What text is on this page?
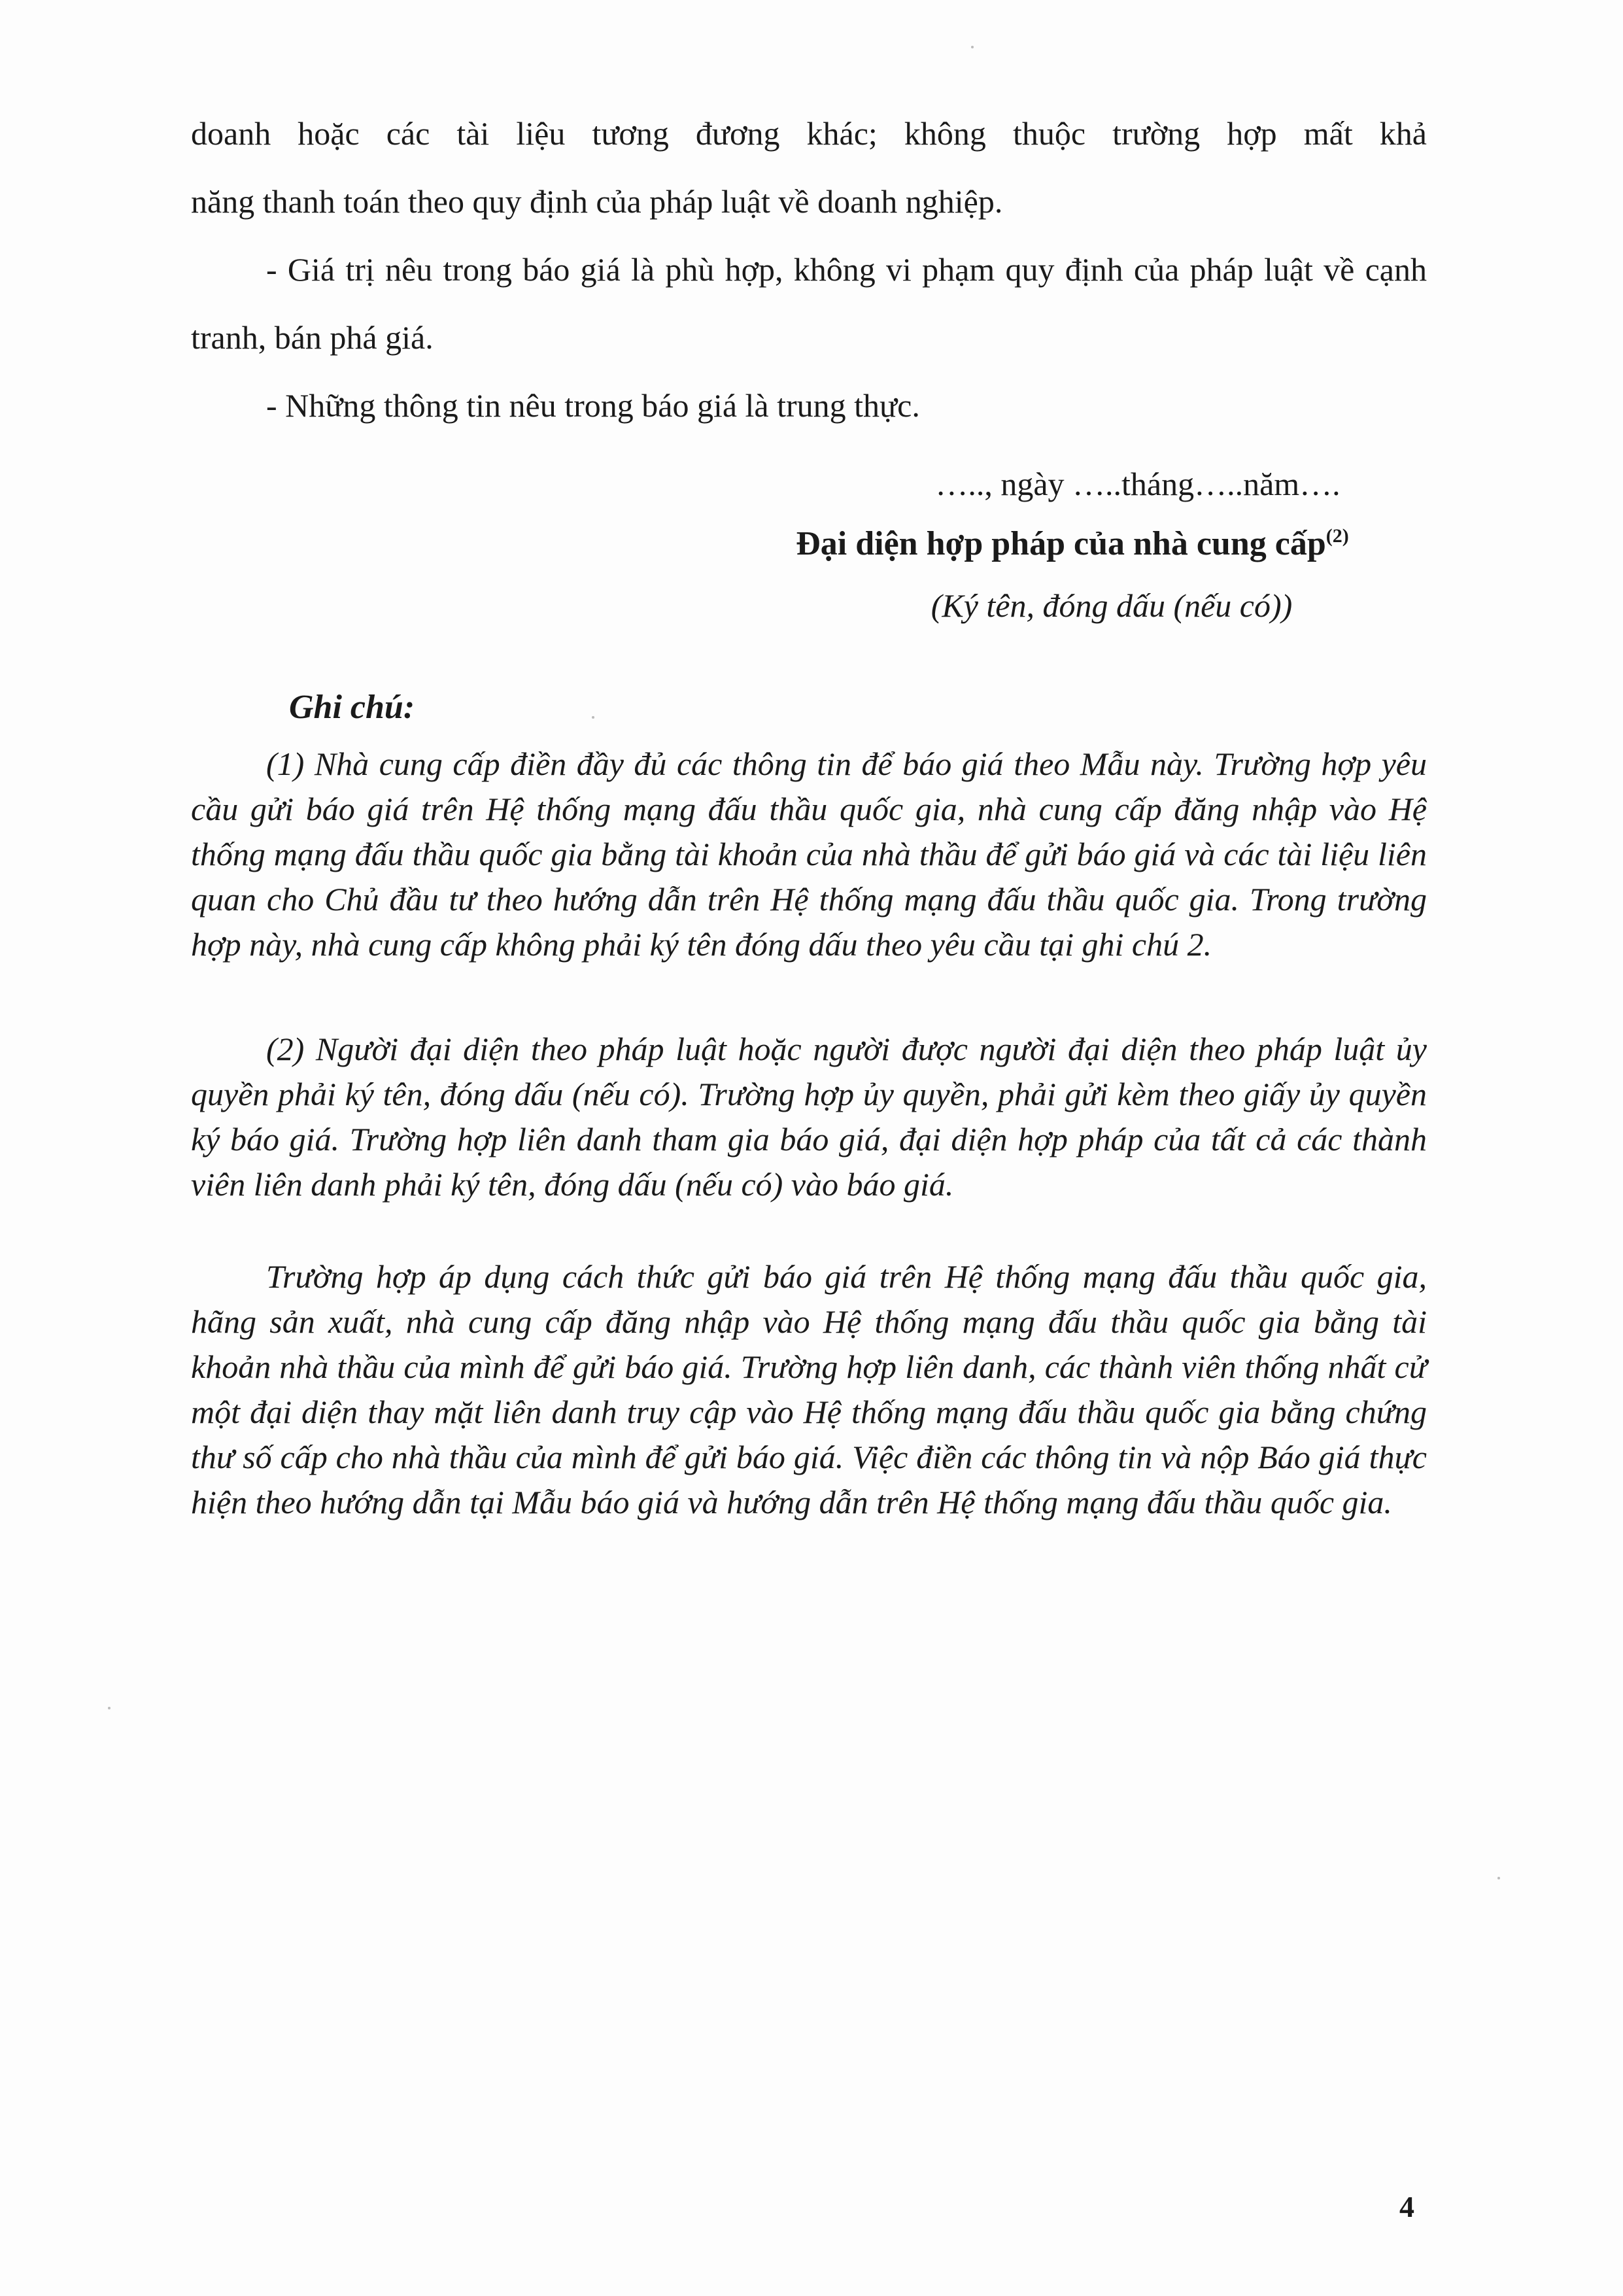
doanh hoặc các tài liệu tương đương khác; không thuộc trường hợp mất khả
năng thanh toán theo quy định của pháp luật về doanh nghiệp.
- Giá trị nêu trong báo giá là phù hợp, không vi phạm quy định của pháp luật về cạnh tranh, bán phá giá.
- Những thông tin nêu trong báo giá là trung thực.
….., ngày …..tháng…..năm….
Đại diện hợp pháp của nhà cung cấp$^{(2)}$
(Ký tên, đóng dấu (nếu có))
Ghi chú:
(1) Nhà cung cấp điền đầy đủ các thông tin để báo giá theo Mẫu này. Trường hợp yêu cầu gửi báo giá trên Hệ thống mạng đấu thầu quốc gia, nhà cung cấp đăng nhập vào Hệ thống mạng đấu thầu quốc gia bằng tài khoản của nhà thầu để gửi báo giá và các tài liệu liên quan cho Chủ đầu tư theo hướng dẫn trên Hệ thống mạng đấu thầu quốc gia. Trong trường hợp này, nhà cung cấp không phải ký tên đóng dấu theo yêu cầu tại ghi chú 2.
(2) Người đại diện theo pháp luật hoặc người được người đại diện theo pháp luật ủy quyền phải ký tên, đóng dấu (nếu có). Trường hợp ủy quyền, phải gửi kèm theo giấy ủy quyền ký báo giá. Trường hợp liên danh tham gia báo giá, đại diện hợp pháp của tất cả các thành viên liên danh phải ký tên, đóng dấu (nếu có) vào báo giá.
Trường hợp áp dụng cách thức gửi báo giá trên Hệ thống mạng đấu thầu quốc gia, hãng sản xuất, nhà cung cấp đăng nhập vào Hệ thống mạng đấu thầu quốc gia bằng tài khoản nhà thầu của mình để gửi báo giá. Trường hợp liên danh, các thành viên thống nhất cử một đại diện thay mặt liên danh truy cập vào Hệ thống mạng đấu thầu quốc gia bằng chứng thư số cấp cho nhà thầu của mình để gửi báo giá. Việc điền các thông tin và nộp Báo giá thực hiện theo hướng dẫn tại Mẫu báo giá và hướng dẫn trên Hệ thống mạng đấu thầu quốc gia.
4
